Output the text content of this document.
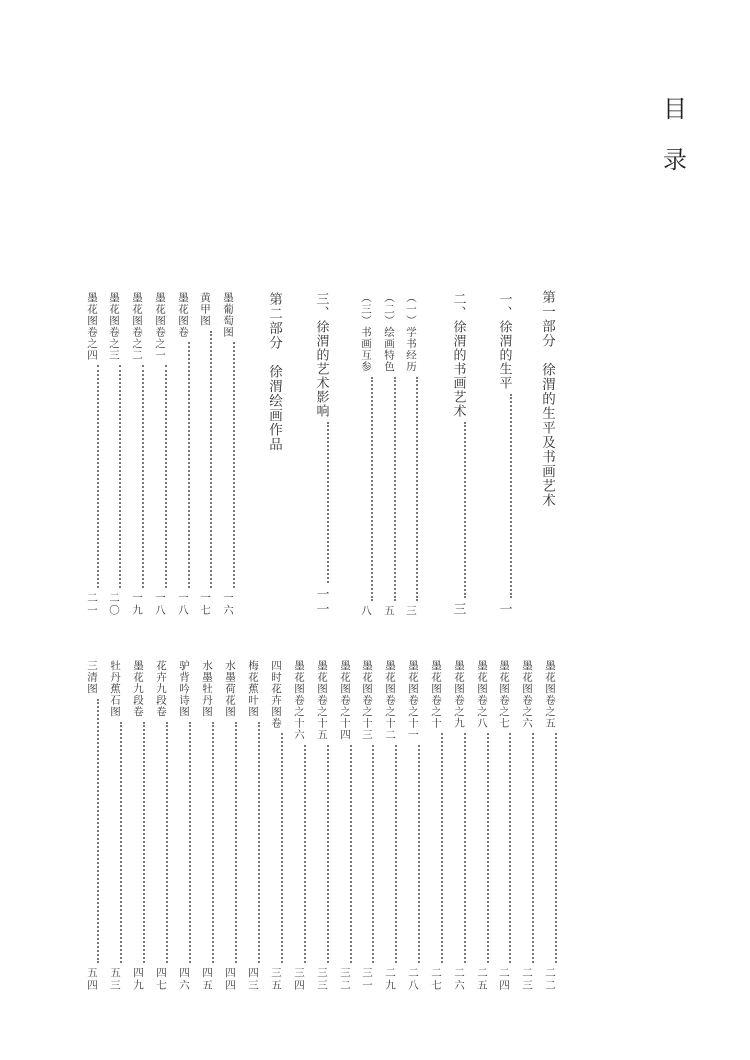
目
录
第一部分　徐渭的生平及书画艺术
一、徐渭的生平
一
二、徐渭的书画艺术
三
（一）学书经历
三
（二）绘画特色
五
（三）书画互参
八
三、徐渭的艺术影响
一一
第二部分　徐渭绘画作品
墨葡萄图
一六
黄甲图
一七
墨花图卷
一八
墨花图卷之一
一八
墨花图卷之二
一九
墨花图卷之三
二〇
墨花图卷之四
二一
墨花图卷之五
二二
墨花图卷之六
二三
墨花图卷之七
二四
墨花图卷之八
二五
墨花图卷之九
二六
墨花图卷之十
二七
墨花图卷之十一
二八
墨花图卷之十二
二九
墨花图卷之十三
三一
墨花图卷之十四
三二
墨花图卷之十五
三三
墨花图卷之十六
三四
四时花卉图卷
三五
梅花蕉叶图
四三
水墨荷花图
四四
水墨牡丹图
四五
驴背吟诗图
四六
花卉九段卷
四七
墨花九段卷
四九
牡丹蕉石图
五三
三清图
五四
